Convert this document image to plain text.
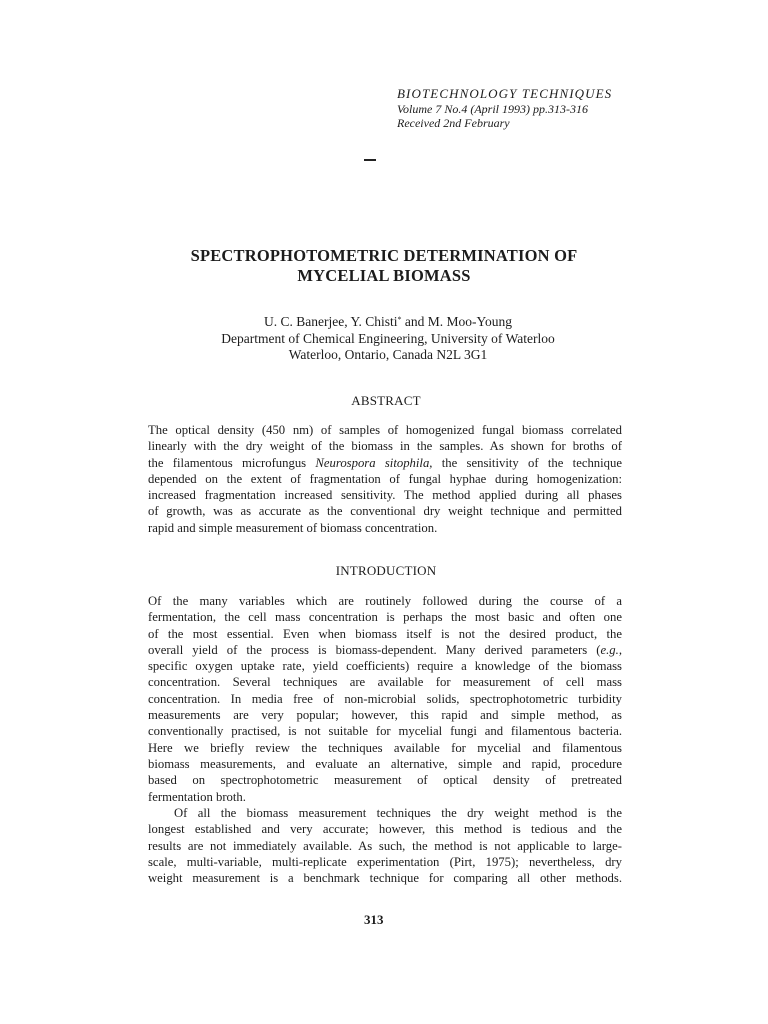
BIOTECHNOLOGY TECHNIQUES
Volume 7 No.4 (April 1993) pp.313-316
Received 2nd February
SPECTROPHOTOMETRIC DETERMINATION OF
MYCELIAL BIOMASS
U. C. Banerjee, Y. Chisti* and M. Moo-Young
Department of Chemical Engineering, University of Waterloo
Waterloo, Ontario, Canada N2L 3G1
ABSTRACT
The optical density (450 nm) of samples of homogenized fungal biomass correlated
linearly with the dry weight of the biomass in the samples. As shown for broths of
the filamentous microfungus Neurospora sitophila, the sensitivity of the technique
depended on the extent of fragmentation of fungal hyphae during homogenization:
increased fragmentation increased sensitivity. The method applied during all phases
of growth, was as accurate as the conventional dry weight technique and permitted
rapid and simple measurement of biomass concentration.
INTRODUCTION
Of the many variables which are routinely followed during the course of a
fermentation, the cell mass concentration is perhaps the most basic and often one
of the most essential. Even when biomass itself is not the desired product, the
overall yield of the process is biomass-dependent. Many derived parameters (e.g.,
specific oxygen uptake rate, yield coefficients) require a knowledge of the biomass
concentration. Several techniques are available for measurement of cell mass
concentration. In media free of non-microbial solids, spectrophotometric turbidity
measurements are very popular; however, this rapid and simple method, as
conventionally practised, is not suitable for mycelial fungi and filamentous bacteria.
Here we briefly review the techniques available for mycelial and filamentous
biomass measurements, and evaluate an alternative, simple and rapid, procedure
based on spectrophotometric measurement of optical density of pretreated
fermentation broth.
Of all the biomass measurement techniques the dry weight method is the
longest established and very accurate; however, this method is tedious and the
results are not immediately available. As such, the method is not applicable to large-
scale, multi-variable, multi-replicate experimentation (Pirt, 1975); nevertheless, dry
weight measurement is a benchmark technique for comparing all other methods.
313
